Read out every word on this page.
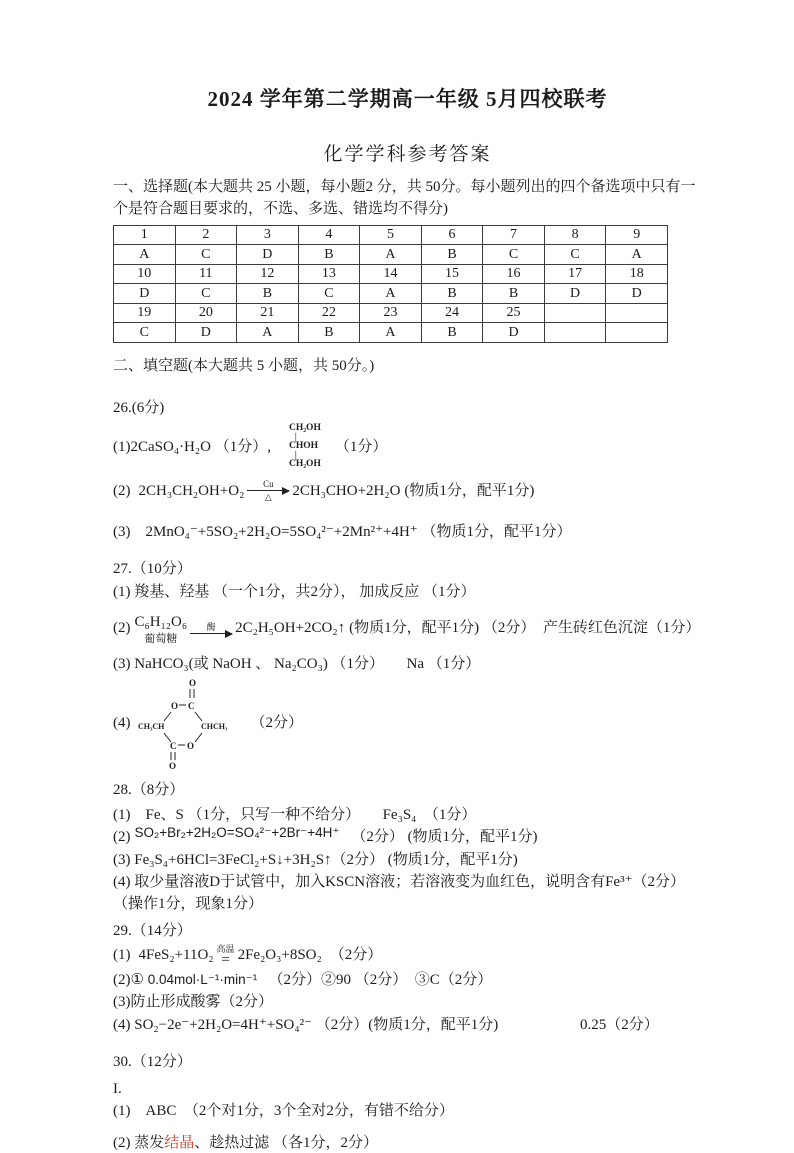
2024 学年第二学期高一年级 5月四校联考
化学学科参考答案
一、选择题(本大题共 25 小题，每小题2 分，共 50分。每小题列出的四个备选项中只有一
个是符合题目要求的，不选、多选、错选均不得分)
1	2	3	4	5	6	7	8	9
A	C	D	B	A	B	C	C	A
10	11	12	13	14	15	16	17	18
D	C	B	C	A	B	B	D	D
19	20	21	22	23	24	25		
C	D	A	B	A	B	D		
二、填空题(本大题共 5 小题，共 50分。)
26.(6分)
(1)2CaSO₄·H₂O （1分）,
CH₂OH
│
CHOH
│
CH₂OH
（1分）
(2) 2CH₃CH₂OH+O₂ Cu
△ 2CH₃CHO+2H₂O (物质1分，配平1分)
(3)　2MnO₄⁻+5SO₂+2H₂O=5SO₄²⁻+2Mn²⁺+4H⁺ （物质1分，配平1分）
27.（10分）
(1) 羧基、羟基 （一个1分，共2分）， 加成反应 （1分）
(2) C₆H₁₂O₆
葡萄糖
酶 2C₂H₅OH+2CO₂↑ (物质1分，配平1分) （2分）　产生砖红色沉淀（1分）
(3) NaHCO₃(或 NaOH 、 Na₂CO₃) （1分）　　Na （1分）
(4)
O
O C
CH₃CH	CHCH₃
C O
O
（2分）
28.（8分）
(1)　Fe、S （1分，只写一种不给分）　　Fe₃S₄　（1分）
(2) SO₂+Br₂+2H₂O=SO₄²⁻+2Br⁻+4H⁺ （2分） (物质1分，配平1分)
(3) Fe₃S₄+6HCl=3FeCl₂+S↓+3H₂S↑（2分） (物质1分，配平1分)
(4) 取少量溶液D于试管中，加入KSCN溶液；若溶液变为血红色，说明含有Fe³⁺（2分）
（操作1分，现象1分）
29.（14分）
(1) 4FeS₂+11O₂ 高温
= 2Fe₂O₃+8SO₂ （2分）
(2)① 0.04mol·L⁻¹·min⁻¹ 　（2分）②90 （2分）　③C（2分）
(3)防止形成酸雾（2分）
(4) SO₂−2e⁻+2H₂O=4H⁺+SO₄²⁻ （2分）(物质1分，配平1分)	0.25（2分）
30.（12分）
I.
(1)　ABC　（2个对1分，3个全对2分，有错不给分）
(2) 蒸发结晶、趁热过滤 （各1分，2分）
